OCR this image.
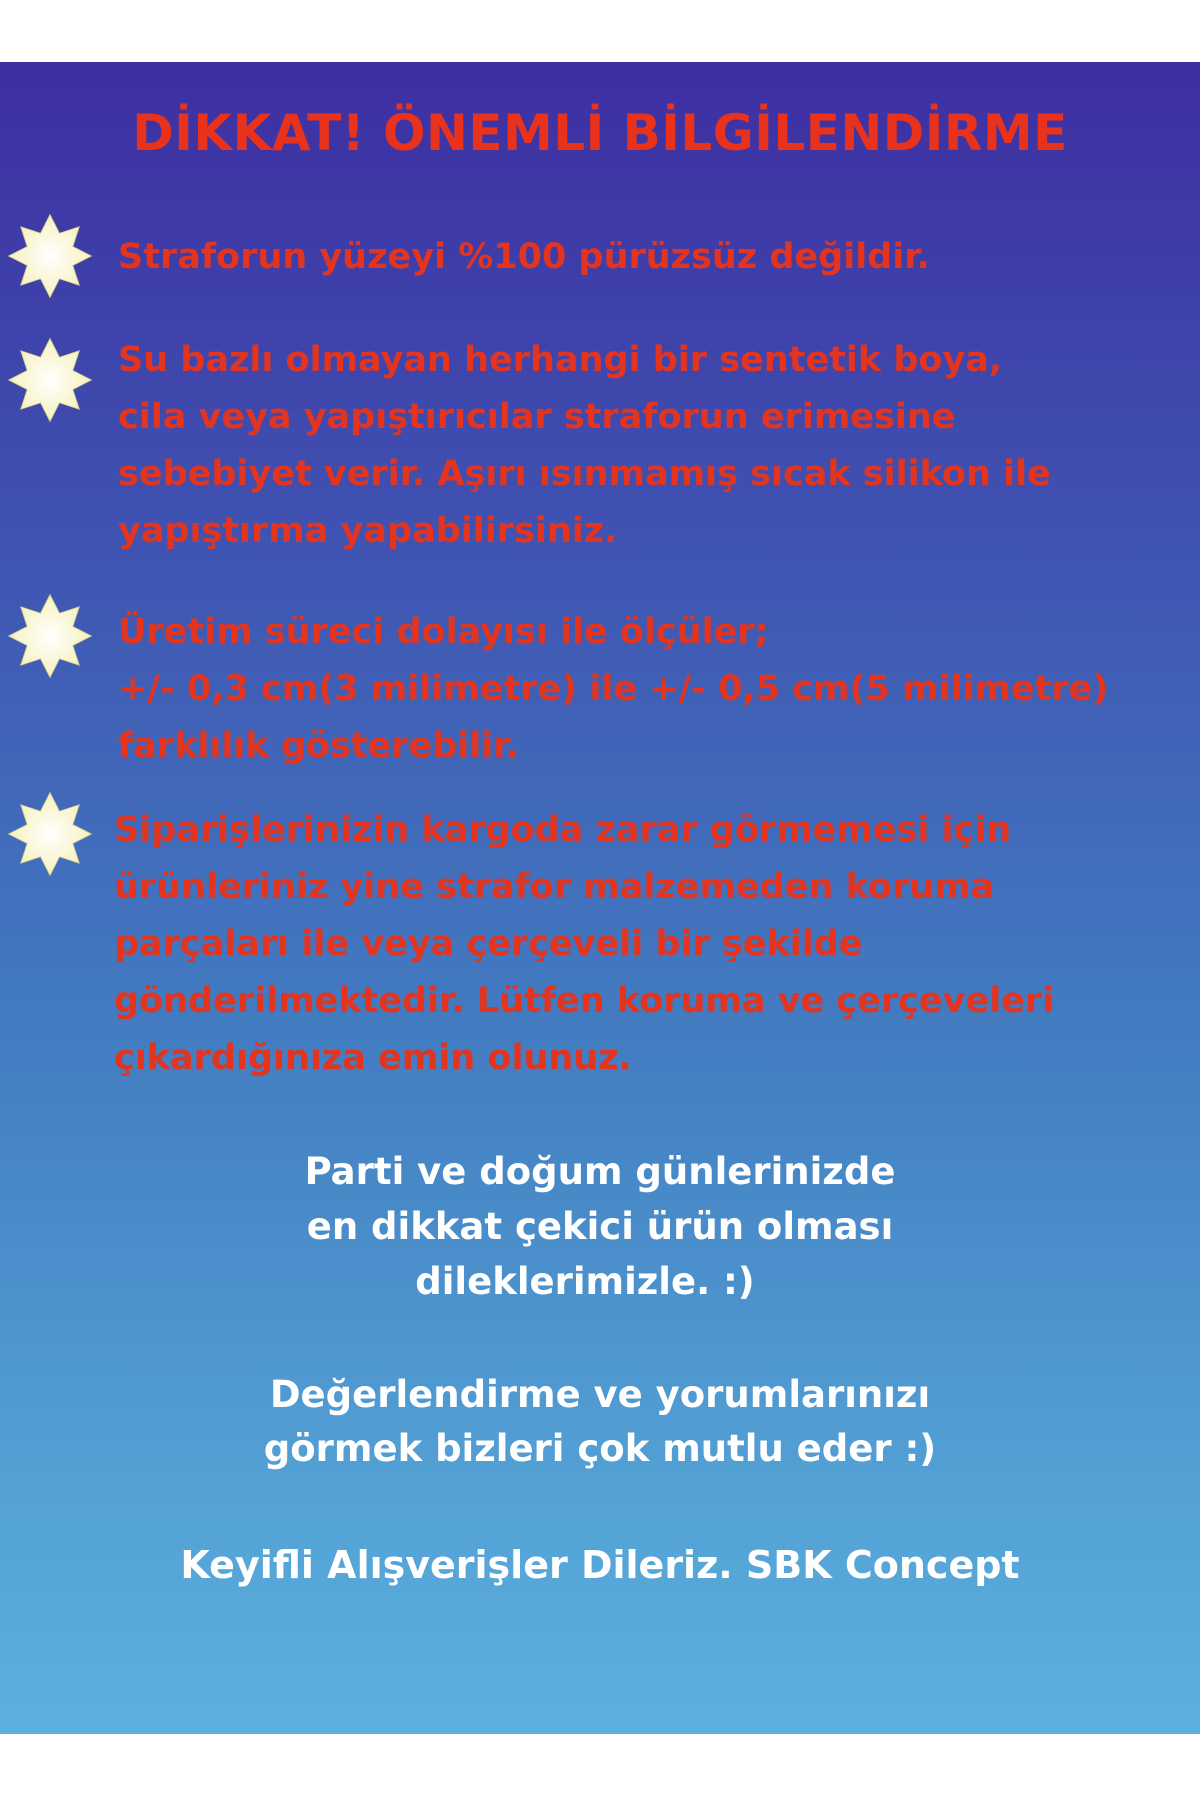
DİKKAT! ÖNEMLİ BİLGİLENDİRME
Straforun yüzeyi %100 pürüzsüz değildir.
Su bazlı olmayan herhangi bir sentetik boya,
cila veya yapıştırıcılar straforun erimesine
sebebiyet verir. Aşırı ısınmamış sıcak silikon ile
yapıştırma yapabilirsiniz.
Üretim süreci dolayısı ile ölçüler;
+/- 0,3 cm(3 milimetre) ile +/- 0,5 cm(5 milimetre)
farklılık gösterebilir.
Siparişlerinizin kargoda zarar görmemesi için
ürünleriniz yine strafor malzemeden koruma
parçaları ile veya çerçeveli bir şekilde
gönderilmektedir. Lütfen koruma ve çerçeveleri
çıkardığınıza emin olunuz.
Parti ve doğum günlerinizde
en dikkat çekici ürün olması
dileklerimizle. :)
Değerlendirme ve yorumlarınızı
görmek bizleri çok mutlu eder :)
Keyifli Alışverişler Dileriz. SBK Concept
